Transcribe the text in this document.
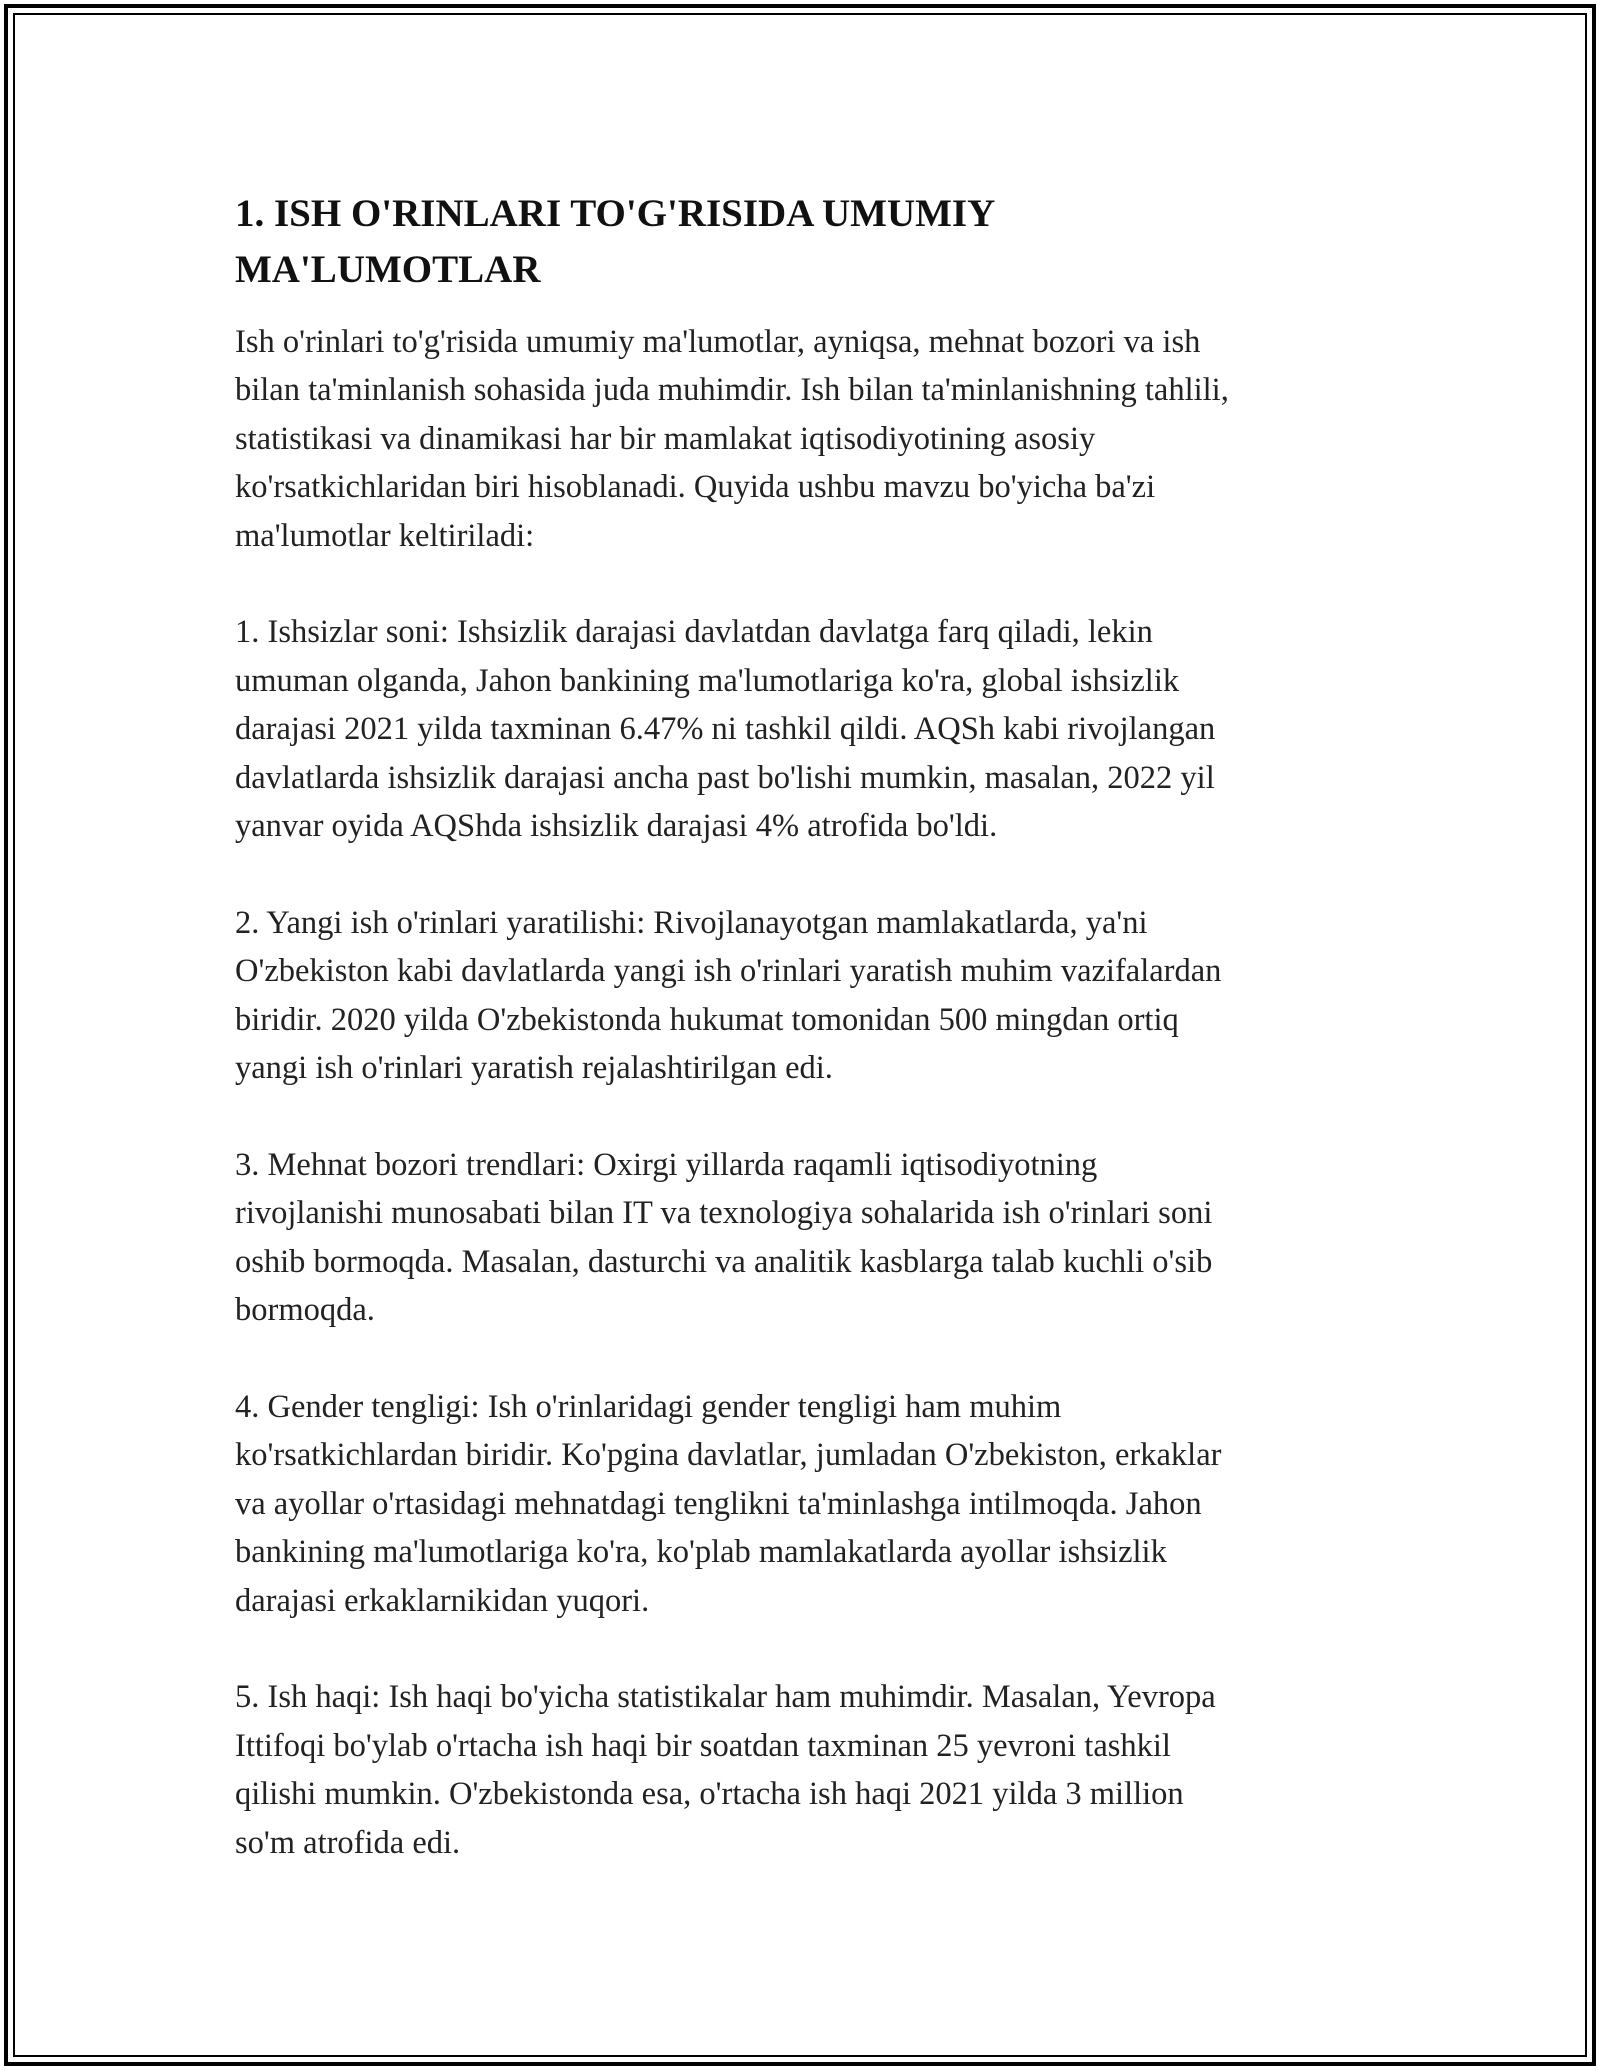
1. ISH O'RINLARI TO'G'RISIDA UMUMIY
MA'LUMOTLAR

Ish o'rinlari to'g'risida umumiy ma'lumotlar, ayniqsa, mehnat bozori va ish
bilan ta'minlanish sohasida juda muhimdir. Ish bilan ta'minlanishning tahlili,
statistikasi va dinamikasi har bir mamlakat iqtisodiyotining asosiy
ko'rsatkichlaridan biri hisoblanadi. Quyida ushbu mavzu bo'yicha ba'zi
ma'lumotlar keltiriladi:

1. Ishsizlar soni: Ishsizlik darajasi davlatdan davlatga farq qiladi, lekin
umuman olganda, Jahon bankining ma'lumotlariga ko'ra, global ishsizlik
darajasi 2021 yilda taxminan 6.47% ni tashkil qildi. AQSh kabi rivojlangan
davlatlarda ishsizlik darajasi ancha past bo'lishi mumkin, masalan, 2022 yil
yanvar oyida AQShda ishsizlik darajasi 4% atrofida bo'ldi.

2. Yangi ish o'rinlari yaratilishi: Rivojlanayotgan mamlakatlarda, ya'ni
O'zbekiston kabi davlatlarda yangi ish o'rinlari yaratish muhim vazifalardan
biridir. 2020 yilda O'zbekistonda hukumat tomonidan 500 mingdan ortiq
yangi ish o'rinlari yaratish rejalashtirilgan edi.

3. Mehnat bozori trendlari: Oxirgi yillarda raqamli iqtisodiyotning
rivojlanishi munosabati bilan IT va texnologiya sohalarida ish o'rinlari soni
oshib bormoqda. Masalan, dasturchi va analitik kasblarga talab kuchli o'sib
bormoqda.

4. Gender tengligi: Ish o'rinlaridagi gender tengligi ham muhim
ko'rsatkichlardan biridir. Ko'pgina davlatlar, jumladan O'zbekiston, erkaklar
va ayollar o'rtasidagi mehnatdagi tenglikni ta'minlashga intilmoqda. Jahon
bankining ma'lumotlariga ko'ra, ko'plab mamlakatlarda ayollar ishsizlik
darajasi erkaklarnikidan yuqori.

5. Ish haqi: Ish haqi bo'yicha statistikalar ham muhimdir. Masalan, Yevropa
Ittifoqi bo'ylab o'rtacha ish haqi bir soatdan taxminan 25 yevroni tashkil
qilishi mumkin. O'zbekistonda esa, o'rtacha ish haqi 2021 yilda 3 million
so'm atrofida edi.
